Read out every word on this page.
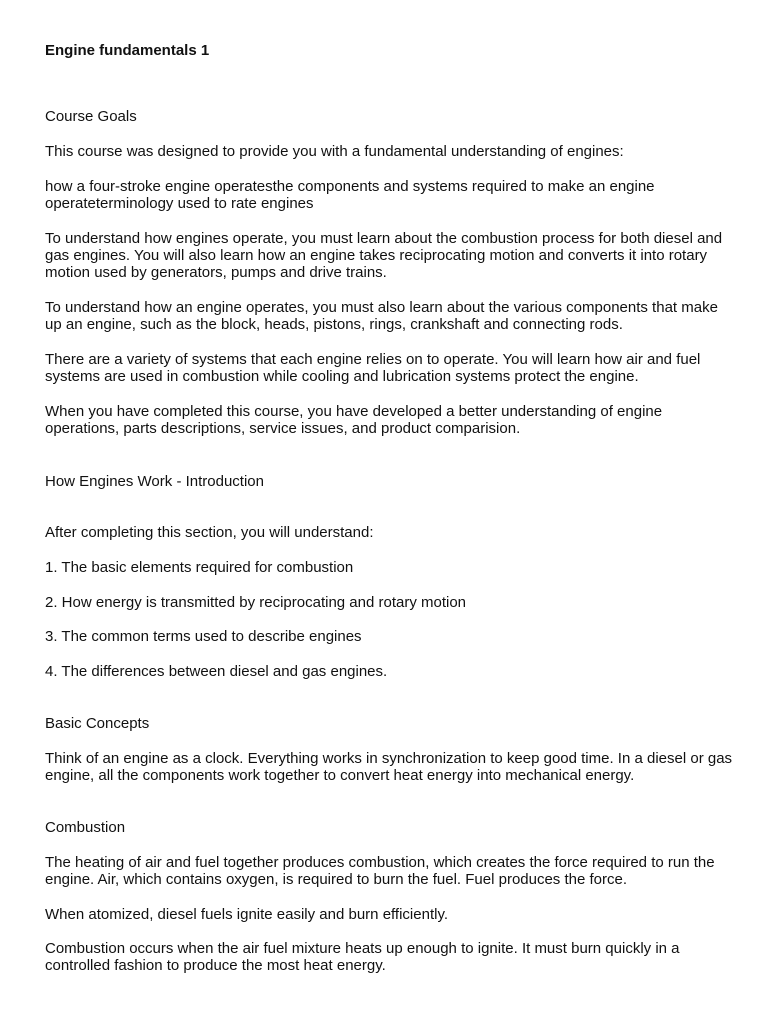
Engine fundamentals 1
Course Goals
This course was designed to provide you with a fundamental understanding of engines:
how a four-stroke engine operatesthe components and systems required to make an engine operateterminology used to rate engines
To understand how engines operate, you must learn about the combustion process for both diesel and gas engines. You will also learn how an engine takes reciprocating motion and converts it into rotary motion used by generators, pumps and drive trains.
To understand how an engine operates, you must also learn about the various components that make up an engine, such as the block, heads, pistons, rings, crankshaft and connecting rods.
There are a variety of systems that each engine relies on to operate. You will learn how air and fuel systems are used in combustion while cooling and lubrication systems protect the engine.
When you have completed this course, you have developed a better understanding of engine operations, parts descriptions, service issues, and product comparision.
How Engines Work - Introduction
After completing this section, you will understand:
1. The basic elements required for combustion
2. How energy is transmitted by reciprocating and rotary motion
3. The common terms used to describe engines
4. The differences between diesel and gas engines.
Basic Concepts
Think of an engine as a clock. Everything works in synchronization to keep good time. In a diesel or gas engine, all the components work together to convert heat energy into mechanical energy.
Combustion
The heating of air and fuel together produces combustion, which creates the force required to run the engine. Air, which contains oxygen, is required to burn the fuel. Fuel produces the force.
When atomized, diesel fuels ignite easily and burn efficiently.
Combustion occurs when the air fuel mixture heats up enough to ignite. It must burn quickly in a controlled fashion to produce the most heat energy.
